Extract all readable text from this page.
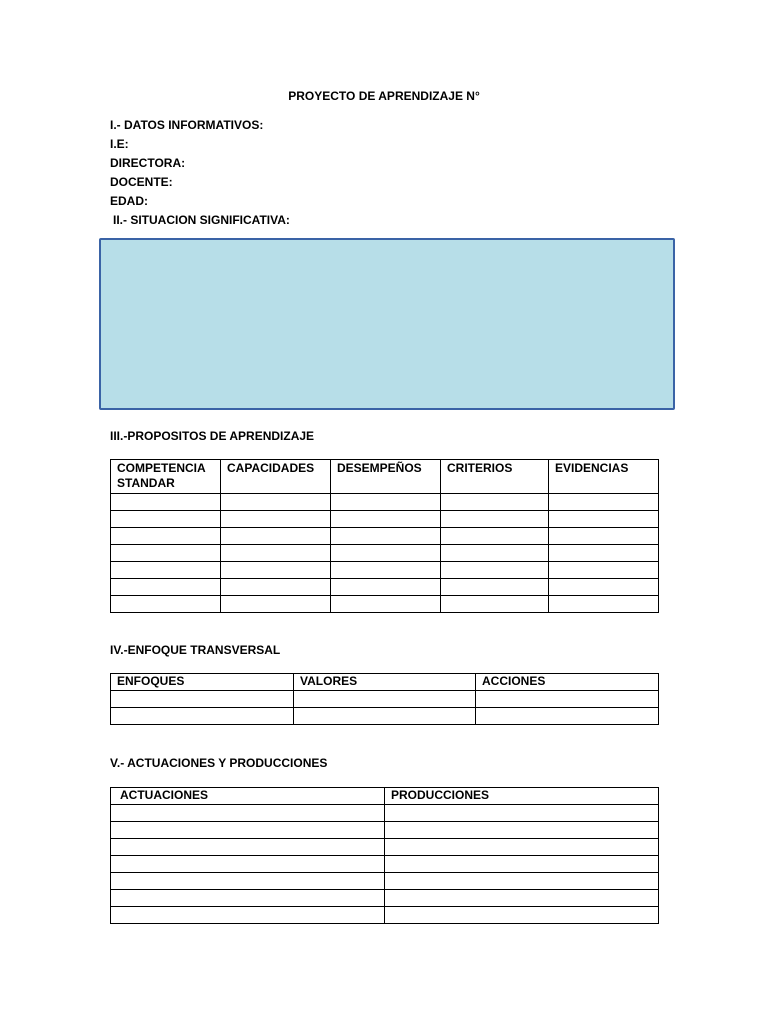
PROYECTO DE APRENDIZAJE N°
I.- DATOS INFORMATIVOS:
I.E:
DIRECTORA:
DOCENTE:
EDAD:
II.- SITUACION SIGNIFICATIVA:
III.-PROPOSITOS DE APRENDIZAJE
COMPETENCIA STANDAR	CAPACIDADES	DESEMPEÑOS	CRITERIOS	EVIDENCIAS

IV.-ENFOQUE TRANSVERSAL
ENFOQUES	VALORES	ACCIONES

V.- ACTUACIONES Y PRODUCCIONES
ACTUACIONES	PRODUCCIONES
